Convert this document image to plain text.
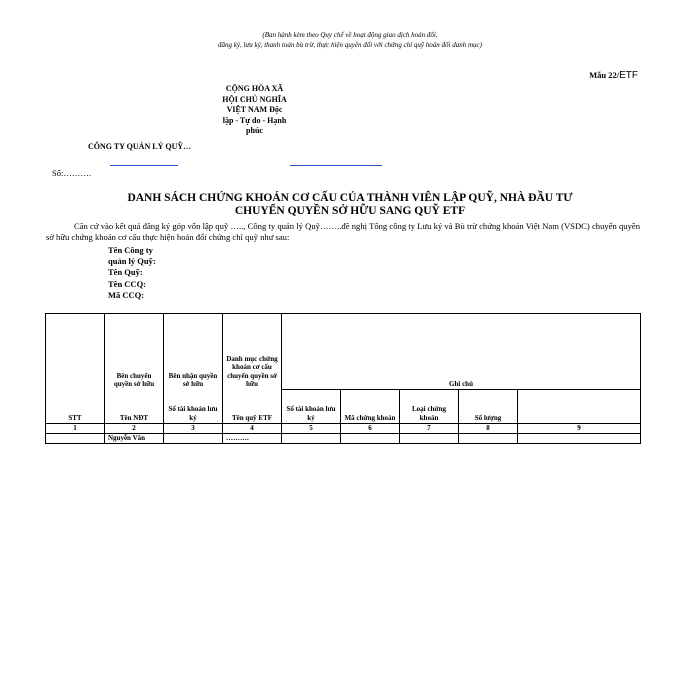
(Ban hành kèm theo Quy chế về hoạt động giao dịch hoán đổi,
đăng ký, lưu ký, thanh toán bù trừ, thực hiện quyền đối với chứng chỉ quỹ hoán đổi danh mục)
Mẫu 22/ETF
CỘNG HÒA XÃ HỘI CHỦ NGHĨA VIỆT NAM Độc lập - Tự do - Hạnh phúc
CÔNG TY QUẢN LÝ QUỸ…
Số:……….
DANH SÁCH CHỨNG KHOÁN CƠ CẤU CỦA THÀNH VIÊN LẬP QUỸ, NHÀ ĐẦU TƯ
CHUYỂN QUYỀN SỞ HỮU SANG QUỸ ETF
Căn cứ vào kết quả đăng ký góp vốn lập quỹ ….., Công ty quản lý Quỹ……..đề nghị Tổng công ty Lưu ký và Bù trừ chứng khoán Việt Nam (VSDC) chuyển quyền sở hữu chứng khoán cơ cấu thực hiện hoán đổi chứng chỉ quỹ như sau:
Tên Công ty quản lý Quỹ:
Tên Quỹ:
Tên CCQ:
Mã CCQ:
	Bên chuyển quyền sở hữu	Bên nhận quyền sở hữu	Danh mục chứng khoán cơ cấu chuyển quyền sở hữu	Ghi chú				
STT	Tên NĐT	Số tài khoản lưu ký	Tên quỹ ETF	Số tài khoản lưu ký	Mã chứng khoán	Loại chứng khoán	Số lượng	
1	2	3	4	5	6	7	8	9
	Nguyễn Văn		……….					
